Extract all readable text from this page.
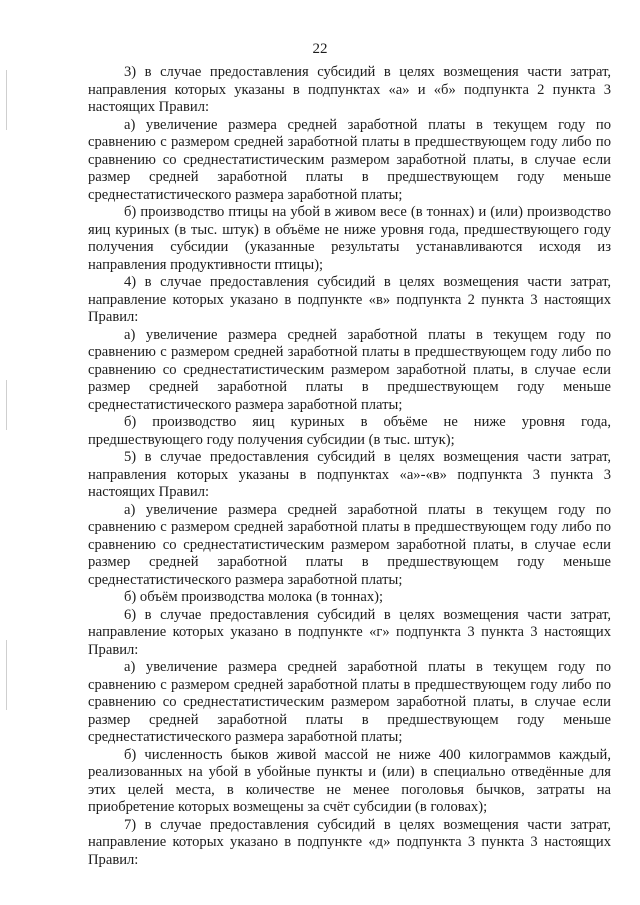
22

3) в случае предоставления субсидий в целях возмещения части затрат, направления которых указаны в подпунктах «а» и «б» подпункта 2 пункта 3 настоящих Правил:

а) увеличение размера средней заработной платы в текущем году по сравнению с размером средней заработной платы в предшествующем году либо по сравнению со среднестатистическим размером заработной платы, в случае если размер средней заработной платы в предшествующем году меньше среднестатистического размера заработной платы;

б) производство птицы на убой в живом весе (в тоннах) и (или) производство яиц куриных (в тыс. штук) в объёме не ниже уровня года, предшествующего году получения субсидии (указанные результаты устанавливаются исходя из направления продуктивности птицы);

4) в случае предоставления субсидий в целях возмещения части затрат, направление которых указано в подпункте «в» подпункта 2 пункта 3 настоящих Правил:

а) увеличение размера средней заработной платы в текущем году по сравнению с размером средней заработной платы в предшествующем году либо по сравнению со среднестатистическим размером заработной платы, в случае если размер средней заработной платы в предшествующем году меньше среднестатистического размера заработной платы;

б) производство яиц куриных в объёме не ниже уровня года, предшествующего году получения субсидии (в тыс. штук);

5) в случае предоставления субсидий в целях возмещения части затрат, направления которых указаны в подпунктах «а»-«в» подпункта 3 пункта 3 настоящих Правил:

а) увеличение размера средней заработной платы в текущем году по сравнению с размером средней заработной платы в предшествующем году либо по сравнению со среднестатистическим размером заработной платы, в случае если размер средней заработной платы в предшествующем году меньше среднестатистического размера заработной платы;

б) объём производства молока (в тоннах);

6) в случае предоставления субсидий в целях возмещения части затрат, направление которых указано в подпункте «г» подпункта 3 пункта 3 настоящих Правил:

а) увеличение размера средней заработной платы в текущем году по сравнению с размером средней заработной платы в предшествующем году либо по сравнению со среднестатистическим размером заработной платы, в случае если размер средней заработной платы в предшествующем году меньше среднестатистического размера заработной платы;

б) численность быков живой массой не ниже 400 килограммов каждый, реализованных на убой в убойные пункты и (или) в специально отведённые для этих целей места, в количестве не менее поголовья бычков, затраты на приобретение которых возмещены за счёт субсидии (в головах);

7) в случае предоставления субсидий в целях возмещения части затрат, направление которых указано в подпункте «д» подпункта 3 пункта 3 настоящих Правил:
